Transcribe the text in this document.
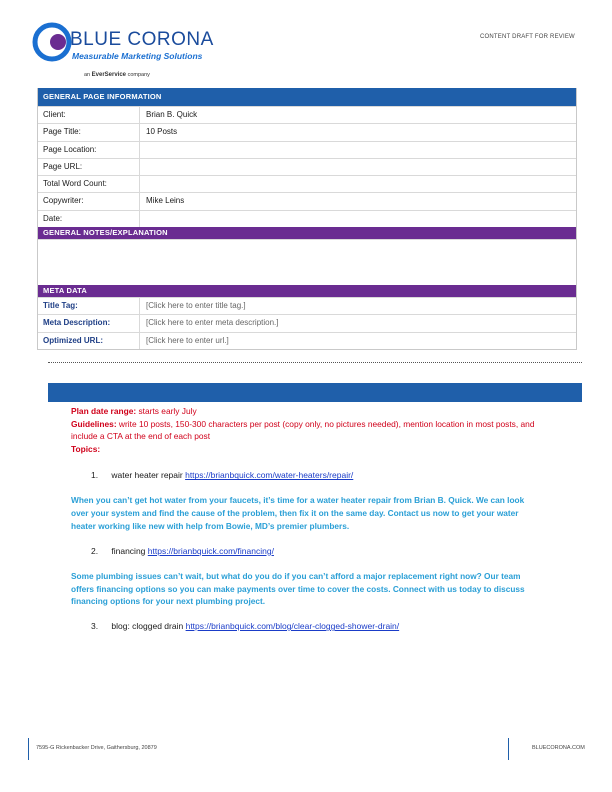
BLUE CORONA
Measurable Marketing Solutions
an EverService company
CONTENT DRAFT FOR REVIEW
GENERAL PAGE INFORMATION
Client:	Brian B. Quick
Page Title:	10 Posts
Page Location:
Page URL:
Total Word Count:
Copywriter:	Mike Leins
Date:
GENERAL NOTES/EXPLANATION
META DATA
Title Tag:	[Click here to enter title tag.]
Meta Description:	[Click here to enter meta description.]
Optimized URL:	[Click here to enter url.]
Plan date range: starts early July
Guidelines: write 10 posts, 150-300 characters per post (copy only, no pictures needed), mention location in most posts, and include a CTA at the end of each post
Topics:
1. water heater repair https://brianbquick.com/water-heaters/repair/
When you can’t get hot water from your faucets, it’s time for a water heater repair from Brian B. Quick. We can look over your system and find the cause of the problem, then fix it on the same day. Contact us now to get your water heater working like new with help from Bowie, MD’s premier plumbers.
2. financing https://brianbquick.com/financing/
Some plumbing issues can’t wait, but what do you do if you can’t afford a major replacement right now? Our team offers financing options so you can make payments over time to cover the costs. Connect with us today to discuss financing options for your next plumbing project.
3. blog: clogged drain https://brianbquick.com/blog/clear-clogged-shower-drain/
7595-G Rickenbacker Drive, Gaithersburg, 20879	BLUECORONA.COM
